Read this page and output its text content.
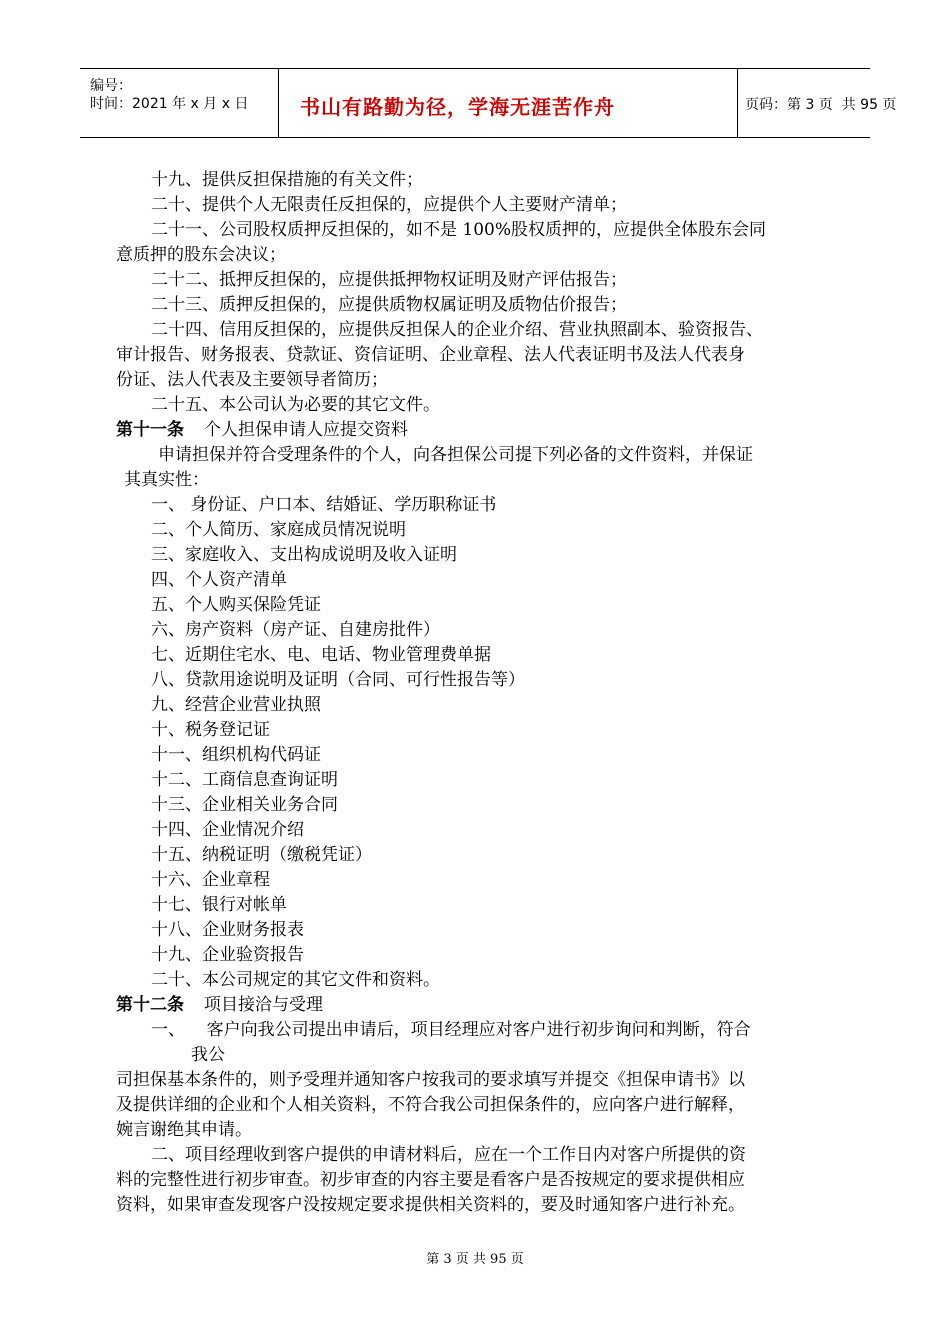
编号：
时间：2021 年 x 月 x 日	书山有路勤为径，学海无涯苦作舟	页码：第 3 页  共 95 页
十九、提供反担保措施的有关文件；
二十、提供个人无限责任反担保的，应提供个人主要财产清单；
二十一、公司股权质押反担保的，如不是 100%股权质押的，应提供全体股东会同
意质押的股东会决议；
二十二、抵押反担保的，应提供抵押物权证明及财产评估报告；
二十三、质押反担保的，应提供质物权属证明及质物估价报告；
二十四、信用反担保的，应提供反担保人的企业介绍、营业执照副本、验资报告、
审计报告、财务报表、贷款证、资信证明、企业章程、法人代表证明书及法人代表身
份证、法人代表及主要领导者简历；
二十五、本公司认为必要的其它文件。
第十一条 个人担保申请人应提交资料
申请担保并符合受理条件的个人，向各担保公司提下列必备的文件资料，并保证
其真实性：
一、 身份证、户口本、结婚证、学历职称证书
二、个人简历、家庭成员情况说明
三、家庭收入、支出构成说明及收入证明
四、个人资产清单
五、个人购买保险凭证
六、房产资料（房产证、自建房批件）
七、近期住宅水、电、电话、物业管理费单据
八、贷款用途说明及证明（合同、可行性报告等）
九、经营企业营业执照
十、税务登记证
十一、组织机构代码证
十二、工商信息查询证明
十三、企业相关业务合同
十四、企业情况介绍
十五、纳税证明（缴税凭证）
十六、企业章程
十七、银行对帐单
十八、企业财务报表
十九、企业验资报告
二十、本公司规定的其它文件和资料。
第十二条 项目接洽与受理
一、    客户向我公司提出申请后，项目经理应对客户进行初步询问和判断，符合
我公
司担保基本条件的，则予受理并通知客户按我司的要求填写并提交《担保申请书》以
及提供详细的企业和个人相关资料，不符合我公司担保条件的，应向客户进行解释，
婉言谢绝其申请。
二、项目经理收到客户提供的申请材料后，应在一个工作日内对客户所提供的资
料的完整性进行初步审查。初步审查的内容主要是看客户是否按规定的要求提供相应
资料，如果审查发现客户没按规定要求提供相关资料的，要及时通知客户进行补充。
第 3 页 共 95 页
